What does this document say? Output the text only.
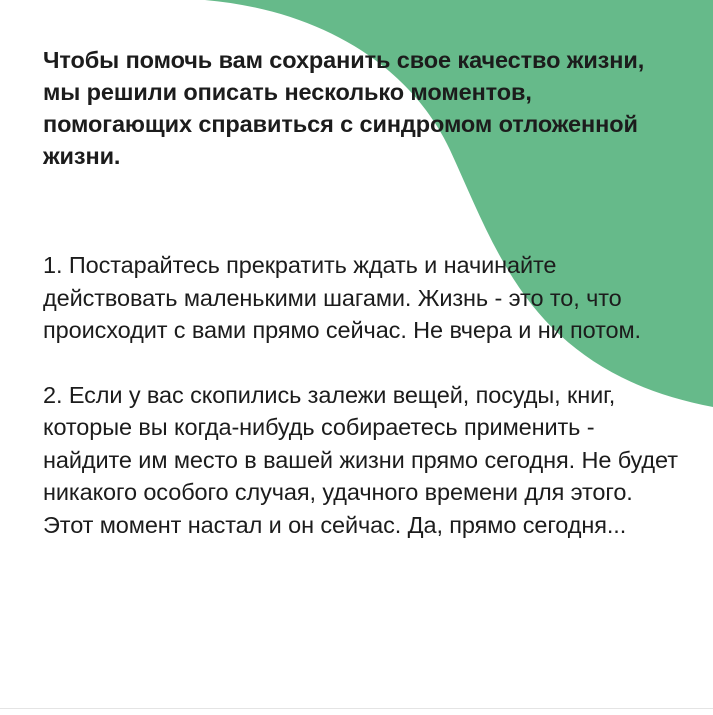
Чтобы помочь вам сохранить свое качество жизни, мы решили описать несколько моментов, помогающих справиться с синдромом отложенной жизни.

1. Постарайтесь прекратить ждать и начинайте действовать маленькими шагами. Жизнь - это то, что происходит с вами прямо сейчас. Не вчера и ни потом.

2. Если у вас скопились залежи вещей, посуды, книг, которые вы когда-нибудь собираетесь применить - найдите им место в вашей жизни прямо сегодня. Не будет никакого особого случая, удачного времени для этого. Этот момент настал и он сейчас. Да, прямо сегодня...
